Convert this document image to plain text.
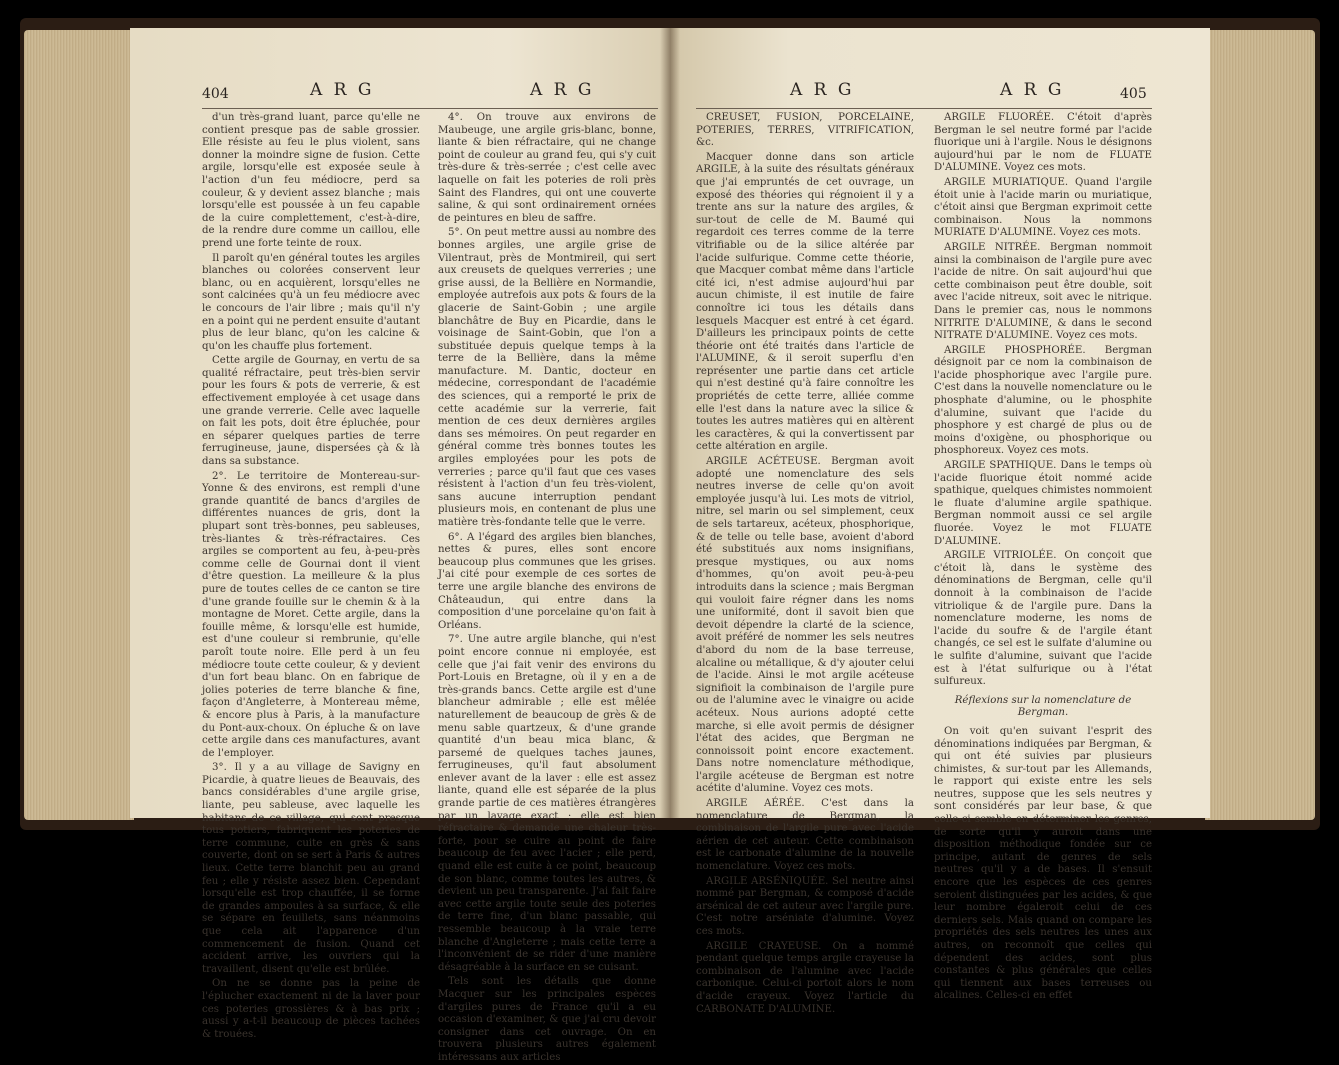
404	A R G	A R G

d'un très-grand luant, parce qu'elle ne contient presque pas de sable grossier. Elle résiste au feu le plus violent, sans donner la moindre signe de fusion. Cette argile, lorsqu'elle est exposée seule à l'action d'un feu médiocre, perd sa couleur, & y devient assez blanche ; mais lorsqu'elle est poussée à un feu capable de la cuire complettement, c'est-à-dire, de la rendre dure comme un caillou, elle prend une forte teinte de roux.

Il paroît qu'en général toutes les argiles blanches ou colorées conservent leur blanc, ou en acquièrent, lorsqu'elles ne sont calcinées qu'à un feu médiocre avec le concours de l'air libre ; mais qu'il n'y en a point qui ne perdent ensuite d'autant plus de leur blanc, qu'on les calcine & qu'on les chauffe plus fortement.

Cette argile de Gournay, en vertu de sa qualité réfractaire, peut très-bien servir pour les fours & pots de verrerie, & est effectivement employée à cet usage dans une grande verrerie. Celle avec laquelle on fait les pots, doit être épluchée, pour en séparer quelques parties de terre ferrugineuse, jaune, dispersées çà & là dans sa substance.

2°. Le territoire de Montereau-sur-Yonne & des environs, est rempli d'une grande quantité de bancs d'argiles de différentes nuances de gris, dont la plupart sont très-bonnes, peu sableuses, très-liantes & très-réfractaires. Ces argiles se comportent au feu, à-peu-près comme celle de Gournai dont il vient d'être question. La meilleure & la plus pure de toutes celles de ce canton se tire d'une grande fouille sur le chemin & à la montagne de Moret. Cette argile, dans la fouille même, & lorsqu'elle est humide, est d'une couleur si rembrunie, qu'elle paroît toute noire. Elle perd à un feu médiocre toute cette couleur, & y devient d'un fort beau blanc. On en fabrique de jolies poteries de terre blanche & fine, façon d'Angleterre, à Montereau même, & encore plus à Paris, à la manufacture du Pont-aux-choux. On épluche & on lave cette argile dans ces manufactures, avant de l'employer.

3°. Il y a au village de Savigny en Picardie, à quatre lieues de Beauvais, des bancs considérables d'une argile grise, liante, peu sableuse, avec laquelle les habitans de ce village, qui sont presque tous potiers, fabriquent les poteries de terre commune, cuite en grès & sans couverte, dont on se sert à Paris & autres lieux. Cette terre blanchit peu au grand feu ; elle y résiste assez bien. Cependant lorsqu'elle est trop chauffée, il se forme de grandes ampoules à sa surface, & elle se sépare en feuillets, sans néanmoins que cela ait l'apparence d'un commencement de fusion. Quand cet accident arrive, les ouvriers qui la travaillent, disent qu'elle est brûlée.

On ne se donne pas la peine de l'éplucher exactement ni de la laver pour ces poteries grossières & à bas prix ; aussi y a-t-il beaucoup de pièces tachées & trouées.

4°. On trouve aux environs de Maubeuge, une argile gris-blanc, bonne, liante & bien réfractaire, qui ne change point de couleur au grand feu, qui s'y cuit très-dure & très-serrée ; c'est celle avec laquelle on fait les poteries de roli près Saint des Flandres, qui ont une couverte saline, & qui sont ordinairement ornées de peintures en bleu de saffre.

5°. On peut mettre aussi au nombre des bonnes argiles, une argile grise de Vilentraut, près de Montmireil, qui sert aux creusets de quelques verreries ; une grise aussi, de la Bellière en Normandie, employée autrefois aux pots & fours de la glacerie de Saint-Gobin ; une argile blanchâtre de Buy en Picardie, dans le voisinage de Saint-Gobin, que l'on a substituée depuis quelque temps à la terre de la Bellière, dans la même manufacture. M. Dantic, docteur en médecine, correspondant de l'académie des sciences, qui a remporté le prix de cette académie sur la verrerie, fait mention de ces deux dernières argiles dans ses mémoires. On peut regarder en général comme très bonnes toutes les argiles employées pour les pots de verreries ; parce qu'il faut que ces vases résistent à l'action d'un feu très-violent, sans aucune interruption pendant plusieurs mois, en contenant de plus une matière très-fondante telle que le verre.

6°. A l'égard des argiles bien blanches, nettes & pures, elles sont encore beaucoup plus communes que les grises. J'ai cité pour exemple de ces sortes de terre une argile blanche des environs de Châteaudun, qui entre dans la composition d'une porcelaine qu'on fait à Orléans.

7°. Une autre argile blanche, qui n'est point encore connue ni employée, est celle que j'ai fait venir des environs du Port-Louis en Bretagne, où il y en a de très-grands bancs. Cette argile est d'une blancheur admirable ; elle est mêlée naturellement de beaucoup de grès & de menu sable quartzeux, & d'une grande quantité d'un beau mica blanc, & parsemé de quelques taches jaunes, ferrugineuses, qu'il faut absolument enlever avant de la laver : elle est assez liante, quand elle est séparée de la plus grande partie de ces matières étrangères par un lavage exact ; elle est bien réfractaire & demande une chaleur très-forte, pour se cuire au point de faire beaucoup de feu avec l'acier ; elle perd, quand elle est cuite à ce point, beaucoup de son blanc, comme toutes les autres, & devient un peu transparente. J'ai fait faire avec cette argile toute seule des poteries de terre fine, d'un blanc passable, qui ressemble beaucoup à la vraie terre blanche d'Angleterre ; mais cette terre a l'inconvénient de se rider d'une manière désagréable à la surface en se cuisant.

Tels sont les détails que donne Macquer sur les principales espèces d'argiles pures de France qu'il a eu occasion d'examiner, & que j'ai cru devoir consigner dans cet ouvrage. On en trouvera plusieurs autres également intéressans aux articles

A R G	A R G	405

CREUSET, FUSION, PORCELAINE, POTERIES, TERRES, VITRIFICATION, &c.

Macquer donne dans son article ARGILE, à la suite des résultats généraux que j'ai empruntés de cet ouvrage, un exposé des théories qui régnoient il y a trente ans sur la nature des argiles, & sur-tout de celle de M. Baumé qui regardoit ces terres comme de la terre vitrifiable ou de la silice altérée par l'acide sulfurique. Comme cette théorie, que Macquer combat même dans l'article cité ici, n'est admise aujourd'hui par aucun chimiste, il est inutile de faire connoître ici tous les détails dans lesquels Macquer est entré à cet égard. D'ailleurs les principaux points de cette théorie ont été traités dans l'article de l'ALUMINE, & il seroit superflu d'en représenter une partie dans cet article qui n'est destiné qu'à faire connoître les propriétés de cette terre, alliée comme elle l'est dans la nature avec la silice & toutes les autres matières qui en altèrent les caractères, & qui la convertissent par cette altération en argile.

ARGILE ACÉTEUSE. Bergman avoit adopté une nomenclature des sels neutres inverse de celle qu'on avoit employée jusqu'à lui. Les mots de vitriol, nitre, sel marin ou sel simplement, ceux de sels tartareux, acéteux, phosphorique, & de telle ou telle base, avoient d'abord été substitués aux noms insignifians, presque mystiques, ou aux noms d'hommes, qu'on avoit peu-à-peu introduits dans la science ; mais Bergman qui vouloit faire régner dans les noms une uniformité, dont il savoit bien que devoit dépendre la clarté de la science, avoit préféré de nommer les sels neutres d'abord du nom de la base terreuse, alcaline ou métallique, & d'y ajouter celui de l'acide. Ainsi le mot argile acéteuse signifioit la combinaison de l'argile pure ou de l'alumine avec le vinaigre ou acide acéteux. Nous aurions adopté cette marche, si elle avoit permis de désigner l'état des acides, que Bergman ne connoissoit point encore exactement. Dans notre nomenclature méthodique, l'argile acéteuse de Bergman est notre acétite d'alumine. Voyez ces mots.

ARGILE AÉRÉE. C'est dans la nomenclature de Bergman, la combinaison de l'argile pure avec l'acide aérien de cet auteur. Cette combinaison est le carbonate d'alumine de la nouvelle nomenclature. Voyez ces mots.

ARGILE ARSÉNIQUÉE. Sel neutre ainsi nommé par Bergman, & composé d'acide arsénical de cet auteur avec l'argile pure. C'est notre arséniate d'alumine. Voyez ces mots.

ARGILE CRAYEUSE. On a nommé pendant quelque temps argile crayeuse la combinaison de l'alumine avec l'acide carbonique. Celui-ci portoit alors le nom d'acide crayeux. Voyez l'article du CARBONATE D'ALUMINE.

ARGILE FLUORÉE. C'étoit d'après Bergman le sel neutre formé par l'acide fluorique uni à l'argile. Nous le désignons aujourd'hui par le nom de FLUATE D'ALUMINE. Voyez ces mots.

ARGILE MURIATIQUE. Quand l'argile étoit unie à l'acide marin ou muriatique, c'étoit ainsi que Bergman exprimoit cette combinaison. Nous la nommons MURIATE D'ALUMINE. Voyez ces mots.

ARGILE NITRÉE. Bergman nommoit ainsi la combinaison de l'argile pure avec l'acide de nitre. On sait aujourd'hui que cette combinaison peut être double, soit avec l'acide nitreux, soit avec le nitrique. Dans le premier cas, nous le nommons NITRITE D'ALUMINE, & dans le second NITRATE D'ALUMINE. Voyez ces mots.

ARGILE PHOSPHORÉE. Bergman désignoit par ce nom la combinaison de l'acide phosphorique avec l'argile pure. C'est dans la nouvelle nomenclature ou le phosphate d'alumine, ou le phosphite d'alumine, suivant que l'acide du phosphore y est chargé de plus ou de moins d'oxigène, ou phosphorique ou phosphoreux. Voyez ces mots.

ARGILE SPATHIQUE. Dans le temps où l'acide fluorique étoit nommé acide spathique, quelques chimistes nommoient le fluate d'alumine argile spathique. Bergman nommoit aussi ce sel argile fluorée. Voyez le mot FLUATE D'ALUMINE.

ARGILE VITRIOLÉE. On conçoit que c'étoit là, dans le système des dénominations de Bergman, celle qu'il donnoit à la combinaison de l'acide vitriolique & de l'argile pure. Dans la nomenclature moderne, les noms de l'acide du soufre & de l'argile étant changés, ce sel est le sulfate d'alumine ou le sulfite d'alumine, suivant que l'acide est à l'état sulfurique ou à l'état sulfureux.

Réflexions sur la nomenclature de Bergman.

On voit qu'en suivant l'esprit des dénominations indiquées par Bergman, & qui ont été suivies par plusieurs chimistes, & sur-tout par les Allemands, le rapport qui existe entre les sels neutres, suppose que les sels neutres y sont considérés par leur base, & que celle-ci semble en déterminer les genres, de sorte qu'il y auroit dans une disposition méthodique fondée sur ce principe, autant de genres de sels neutres qu'il y a de bases. Il s'ensuit encore que les espèces de ces genres seroient distinguées par les acides, & que leur nombre égaleroit celui de ces derniers sels. Mais quand on compare les propriétés des sels neutres les unes aux autres, on reconnoît que celles qui dépendent des acides, sont plus constantes & plus générales que celles qui tiennent aux bases terreuses ou alcalines. Celles-ci en effet
